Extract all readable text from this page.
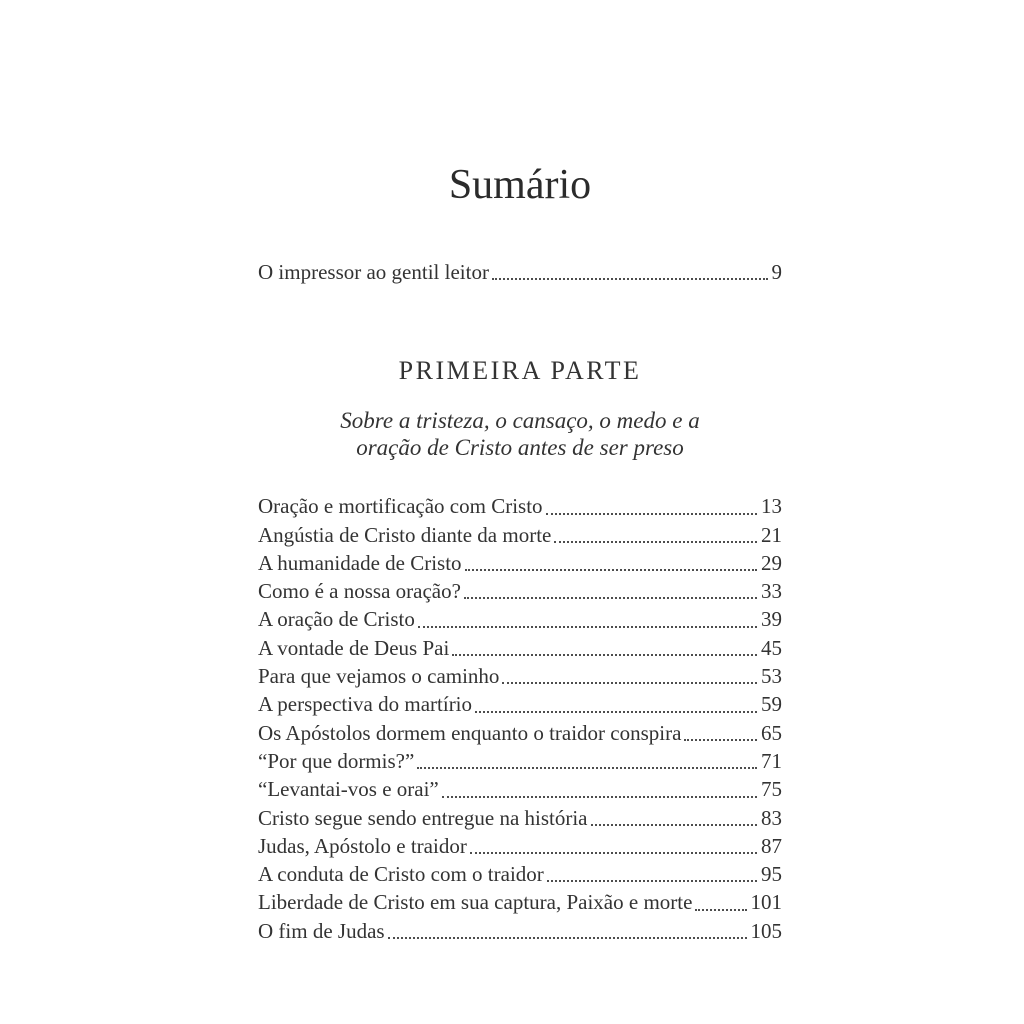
Sumário
O impressor ao gentil leitor	9
PRIMEIRA PARTE
Sobre a tristeza, o cansaço, o medo e a
oração de Cristo antes de ser preso
Oração e mortificação com Cristo	13
Angústia de Cristo diante da morte	21
A humanidade de Cristo	29
Como é a nossa oração?	33
A oração de Cristo	39
A vontade de Deus Pai	45
Para que vejamos o caminho	53
A perspectiva do martírio	59
Os Apóstolos dormem enquanto o traidor conspira	65
“Por que dormis?”	71
“Levantai-vos e orai”	75
Cristo segue sendo entregue na história	83
Judas, Apóstolo e traidor	87
A conduta de Cristo com o traidor	95
Liberdade de Cristo em sua captura, Paixão e morte	101
O fim de Judas	105
